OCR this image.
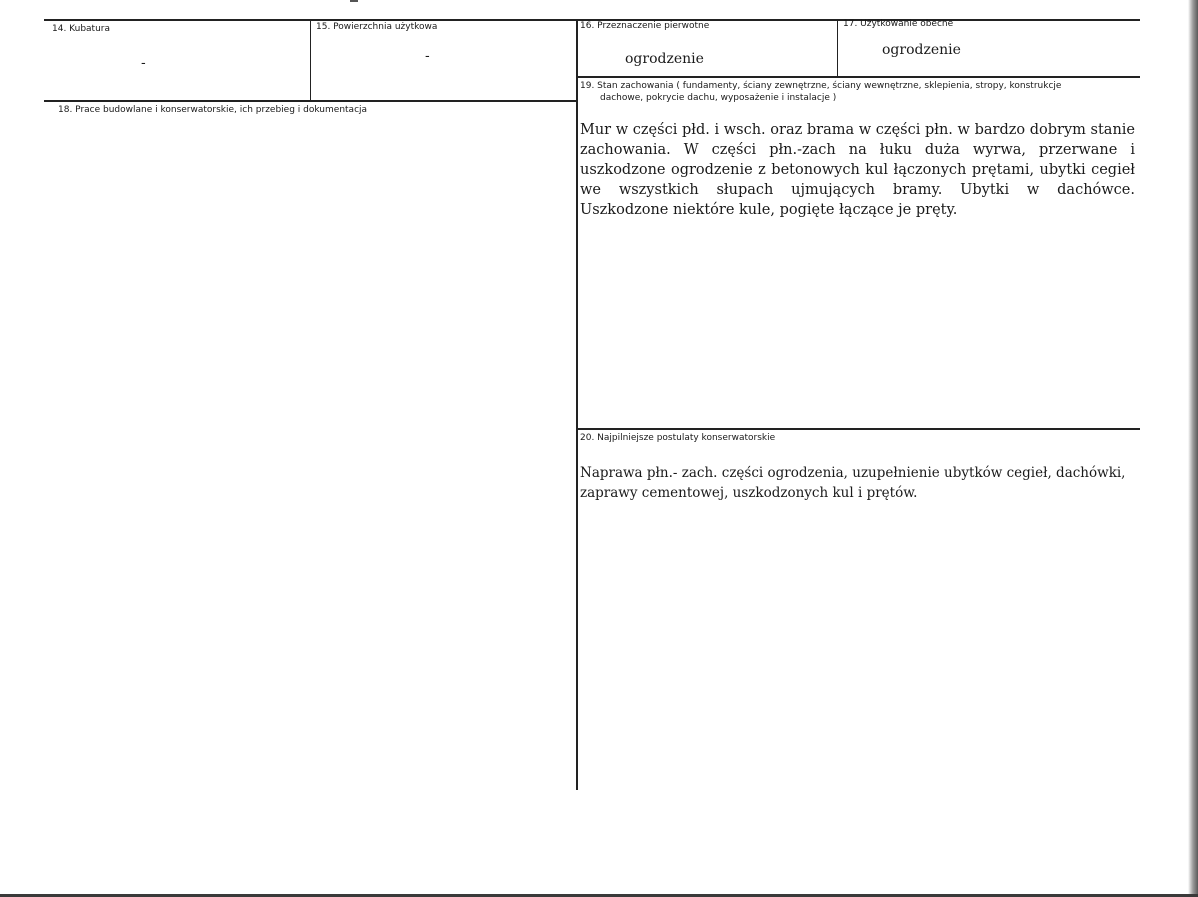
14. Kubatura
-
15. Powierzchnia użytkowa
-
16. Przeznaczenie pierwotne
ogrodzenie
17. Użytkowanie obecne
ogrodzenie
18. Prace budowlane i konserwatorskie, ich przebieg i dokumentacja
19. Stan zachowania ( fundamenty, ściany zewnętrzne, ściany wewnętrzne, sklepienia, stropy, konstrukcje
dachowe, pokrycie dachu, wyposażenie i instalacje )
Mur w części płd. i wsch. oraz brama w części płn. w bardzo dobrym stanie zachowania. W części płn.-zach na łuku duża wyrwa, przerwane i uszkodzone ogrodzenie z betonowych kul łączonych prętami, ubytki cegieł we wszystkich słupach ujmujących bramy. Ubytki w dachówce. Uszkodzone niektóre kule, pogięte łączące je pręty.
20. Najpilniejsze postulaty konserwatorskie
Naprawa płn.- zach. części ogrodzenia, uzupełnienie ubytków cegieł, dachówki,
zaprawy cementowej, uszkodzonych kul i prętów.
